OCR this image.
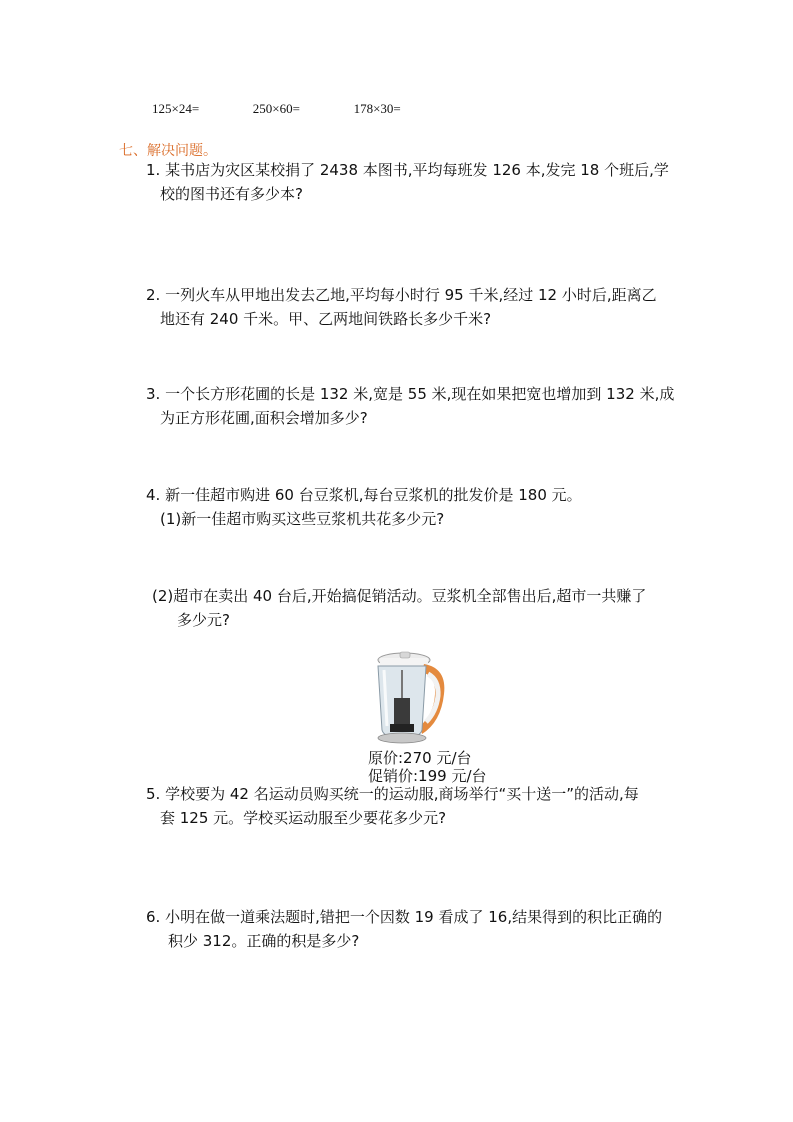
125×24=	250×60=	178×30=
七、解决问题。
1. 某书店为灾区某校捐了 2438 本图书,平均每班发 126 本,发完 18 个班后,学
校的图书还有多少本?
2. 一列火车从甲地出发去乙地,平均每小时行 95 千米,经过 12 小时后,距离乙
地还有 240 千米。甲、乙两地间铁路长多少千米?
3. 一个长方形花圃的长是 132 米,宽是 55 米,现在如果把宽也增加到 132 米,成
为正方形花圃,面积会增加多少?
4. 新一佳超市购进 60 台豆浆机,每台豆浆机的批发价是 180 元。
(1)新一佳超市购买这些豆浆机共花多少元?
(2)超市在卖出 40 台后,开始搞促销活动。豆浆机全部售出后,超市一共赚了
多少元?
原价:270 元/台
促销价:199 元/台
5. 学校要为 42 名运动员购买统一的运动服,商场举行“买十送一”的活动,每
套 125 元。学校买运动服至少要花多少元?
6. 小明在做一道乘法题时,错把一个因数 19 看成了 16,结果得到的积比正确的
积少 312。正确的积是多少?
